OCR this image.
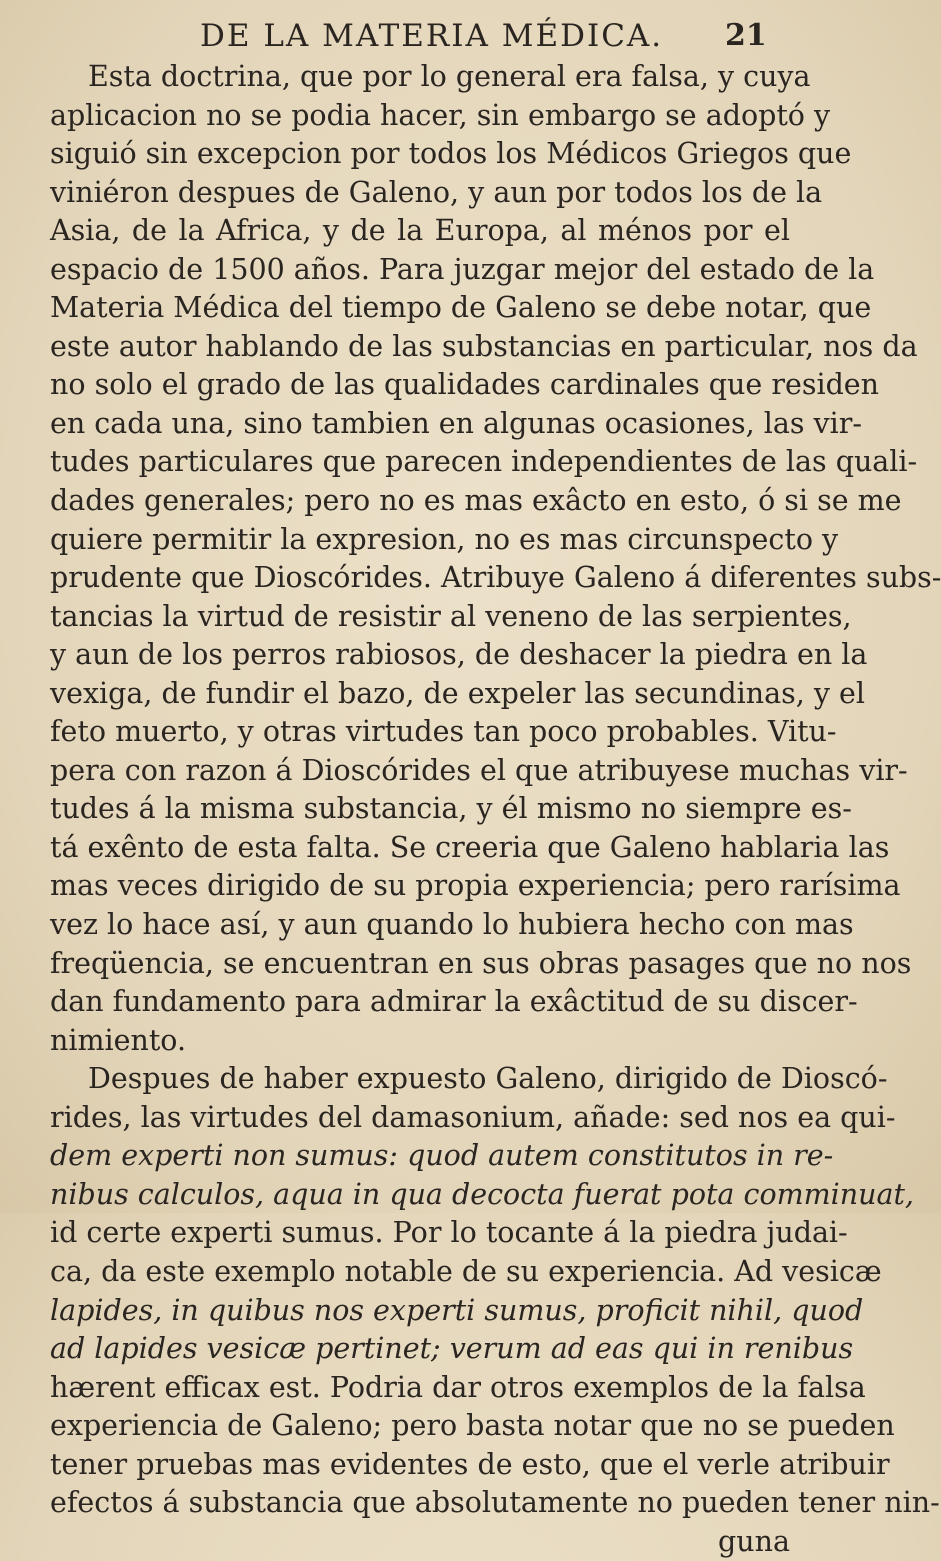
DE LA MATERIA MÉDICA. 21
Esta doctrina, que por lo general era falsa, y cuya
aplicacion no se podia hacer, sin embargo se adoptó y
siguió sin excepcion por todos los Médicos Griegos que
viniéron despues de Galeno, y aun por todos los de la
Asia, de la Africa, y de la Europa, al ménos por el
espacio de 1500 años. Para juzgar mejor del estado de la
Materia Médica del tiempo de Galeno se debe notar, que
este autor hablando de las substancias en particular, nos da
no solo el grado de las qualidades cardinales que residen
en cada una, sino tambien en algunas ocasiones, las vir-
tudes particulares que parecen independientes de las quali-
dades generales; pero no es mas exâcto en esto, ó si se me
quiere permitir la expresion, no es mas circunspecto y
prudente que Dioscórides. Atribuye Galeno á diferentes subs-
tancias la virtud de resistir al veneno de las serpientes,
y aun de los perros rabiosos, de deshacer la piedra en la
vexiga, de fundir el bazo, de expeler las secundinas, y el
feto muerto, y otras virtudes tan poco probables. Vitu-
pera con razon á Dioscórides el que atribuyese muchas vir-
tudes á la misma substancia, y él mismo no siempre es-
tá exênto de esta falta. Se creeria que Galeno hablaria las
mas veces dirigido de su propia experiencia; pero rarísima
vez lo hace así, y aun quando lo hubiera hecho con mas
freqüencia, se encuentran en sus obras pasages que no nos
dan fundamento para admirar la exâctitud de su discer-
nimiento.
Despues de haber expuesto Galeno, dirigido de Dioscó-
rides, las virtudes del damasonium, añade: sed nos ea qui-
dem experti non sumus: quod autem constitutos in re-
nibus calculos, aqua in qua decocta fuerat pota comminuat,
id certe experti sumus. Por lo tocante á la piedra judai-
ca, da este exemplo notable de su experiencia. Ad vesicæ
lapides, in quibus nos experti sumus, proficit nihil, quod
ad lapides vesicæ pertinet; verum ad eas qui in renibus
hærent efficax est. Podria dar otros exemplos de la falsa
experiencia de Galeno; pero basta notar que no se pueden
tener pruebas mas evidentes de esto, que el verle atribuir
efectos á substancia que absolutamente no pueden tener nin-
guna
